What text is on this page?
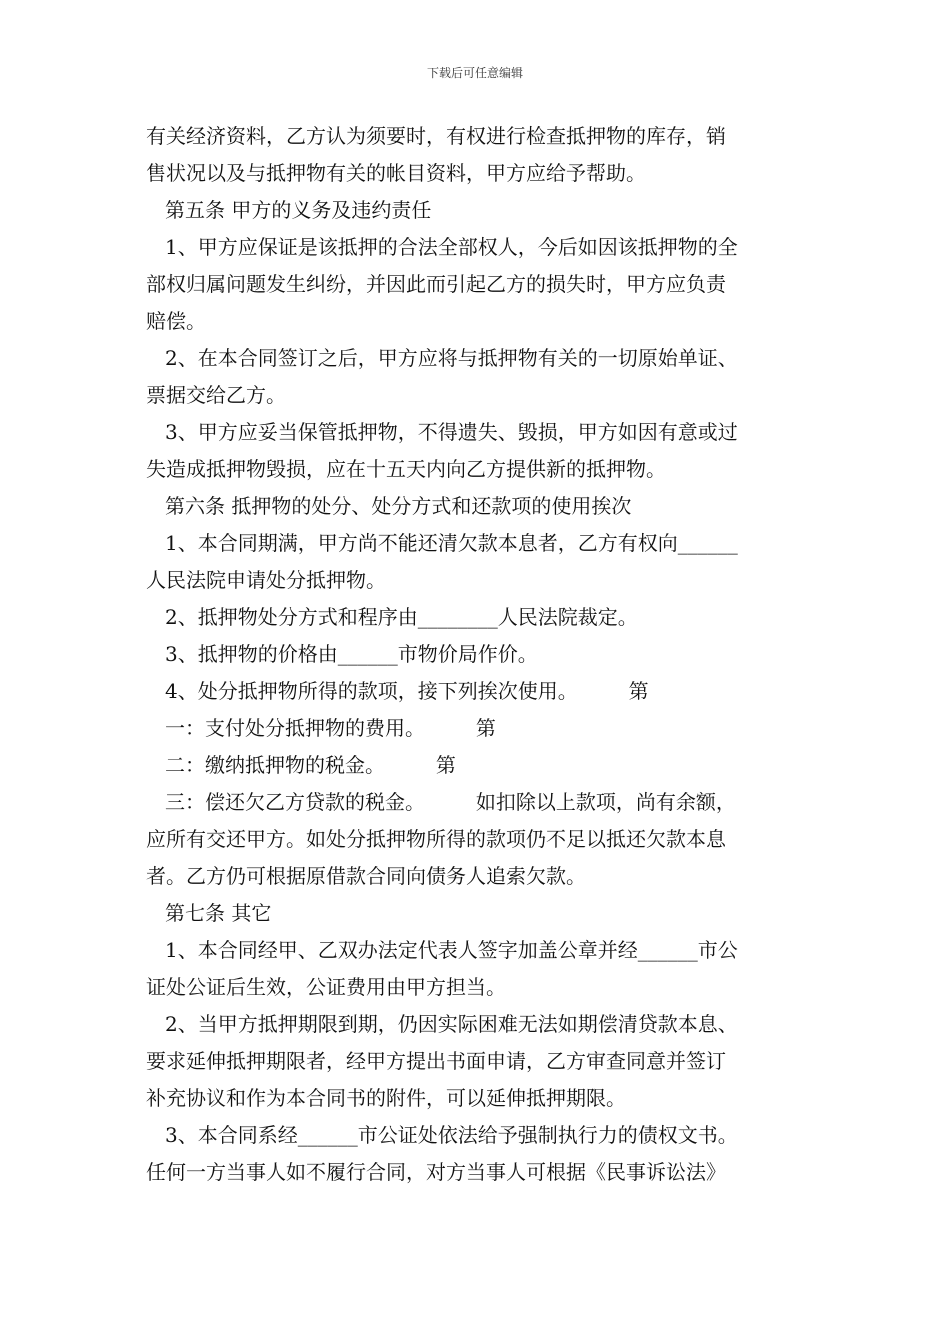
下载后可任意编辑
有关经济资料，乙方认为须要时，有权进行检查抵押物的库存，销
售状况以及与抵押物有关的帐目资料，甲方应给予帮助。
第五条 甲方的义务及违约责任
1、甲方应保证是该抵押的合法全部权人，今后如因该抵押物的全
部权归属问题发生纠纷，并因此而引起乙方的损失时，甲方应负责
赔偿。
2、在本合同签订之后，甲方应将与抵押物有关的一切原始单证、
票据交给乙方。
3、甲方应妥当保管抵押物，不得遗失、毁损，甲方如因有意或过
失造成抵押物毁损，应在十五天内向乙方提供新的抵押物。
第六条 抵押物的处分、处分方式和还款项的使用挨次
1、本合同期满，甲方尚不能还清欠款本息者，乙方有权向______
人民法院申请处分抵押物。
2、抵押物处分方式和程序由________人民法院裁定。
3、抵押物的价格由______市物价局作价。
4、处分抵押物所得的款项，接下列挨次使用。        第
一：支付处分抵押物的费用。        第
二：缴纳抵押物的税金。        第
三：偿还欠乙方贷款的税金。        如扣除以上款项，尚有余额，
应所有交还甲方。如处分抵押物所得的款项仍不足以抵还欠款本息
者。乙方仍可根据原借款合同向债务人追索欠款。
第七条 其它
1、本合同经甲、乙双办法定代表人签字加盖公章并经______市公
证处公证后生效，公证费用由甲方担当。
2、当甲方抵押期限到期，仍因实际困难无法如期偿清贷款本息、
要求延伸抵押期限者，经甲方提出书面申请，乙方审查同意并签订
补充协议和作为本合同书的附件，可以延伸抵押期限。
3、本合同系经______市公证处依法给予强制执行力的债权文书。
任何一方当事人如不履行合同，对方当事人可根据《民事诉讼法》
